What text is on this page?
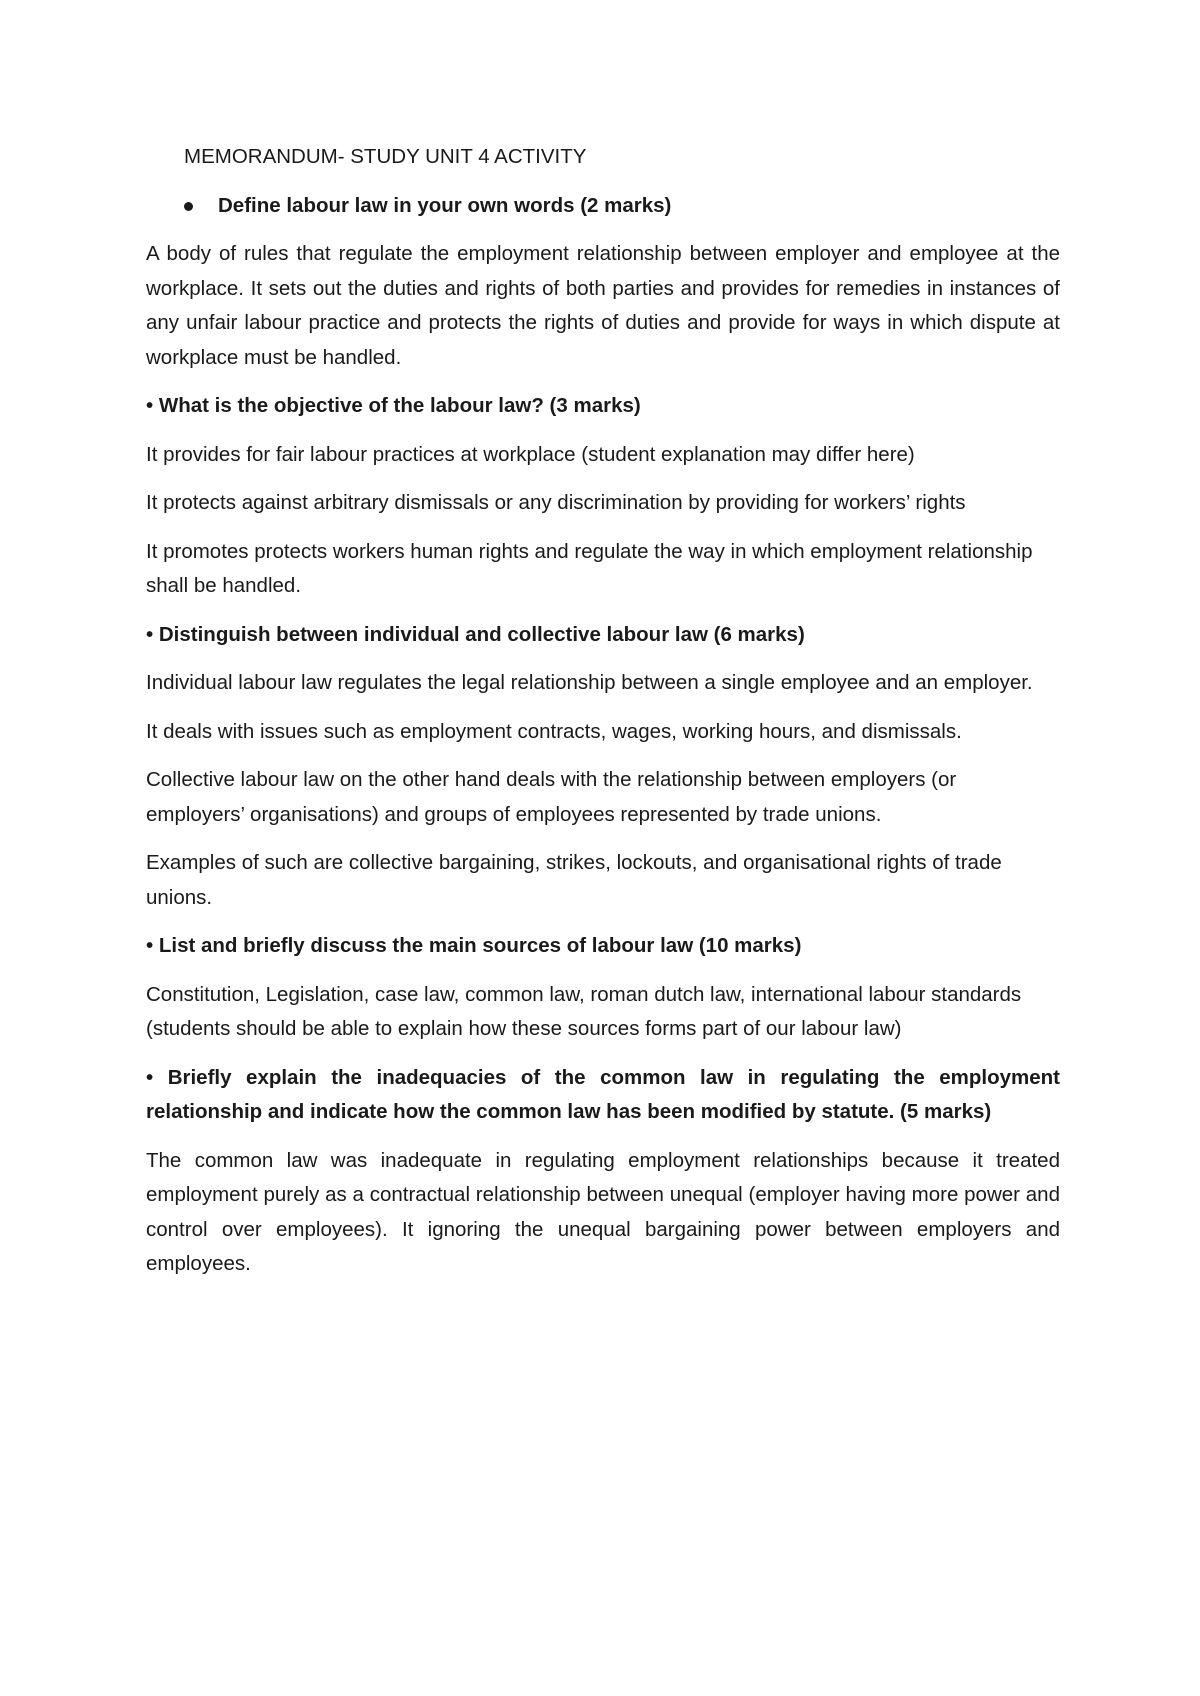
MEMORANDUM- STUDY UNIT 4 ACTIVITY
Define labour law in your own words (2 marks)
A body of rules that regulate the employment relationship between employer and employee at the workplace. It sets out the duties and rights of both parties and provides for remedies in instances of any unfair labour practice and protects the rights of duties and provide for ways in which dispute at workplace must be handled.
• What is the objective of the labour law? (3 marks)
It provides for fair labour practices at workplace (student explanation may differ here)
It protects against arbitrary dismissals or any discrimination by providing for workers’ rights
It promotes protects workers human rights and regulate the way in which employment relationship shall be handled.
• Distinguish between individual and collective labour law (6 marks)
Individual labour law regulates the legal relationship between a single employee and an employer.
It deals with issues such as employment contracts, wages, working hours, and dismissals.
Collective labour law on the other hand deals with the relationship between employers (or employers’ organisations) and groups of employees represented by trade unions.
Examples of such are collective bargaining, strikes, lockouts, and organisational rights of trade unions.
• List and briefly discuss the main sources of labour law (10 marks)
Constitution, Legislation, case law, common law, roman dutch law, international labour standards (students should be able to explain how these sources forms part of our labour law)
• Briefly explain the inadequacies of the common law in regulating the employment relationship and indicate how the common law has been modified by statute. (5 marks)
The common law was inadequate in regulating employment relationships because it treated employment purely as a contractual relationship between unequal (employer having more power and control over employees). It ignoring the unequal bargaining power between employers and employees.
